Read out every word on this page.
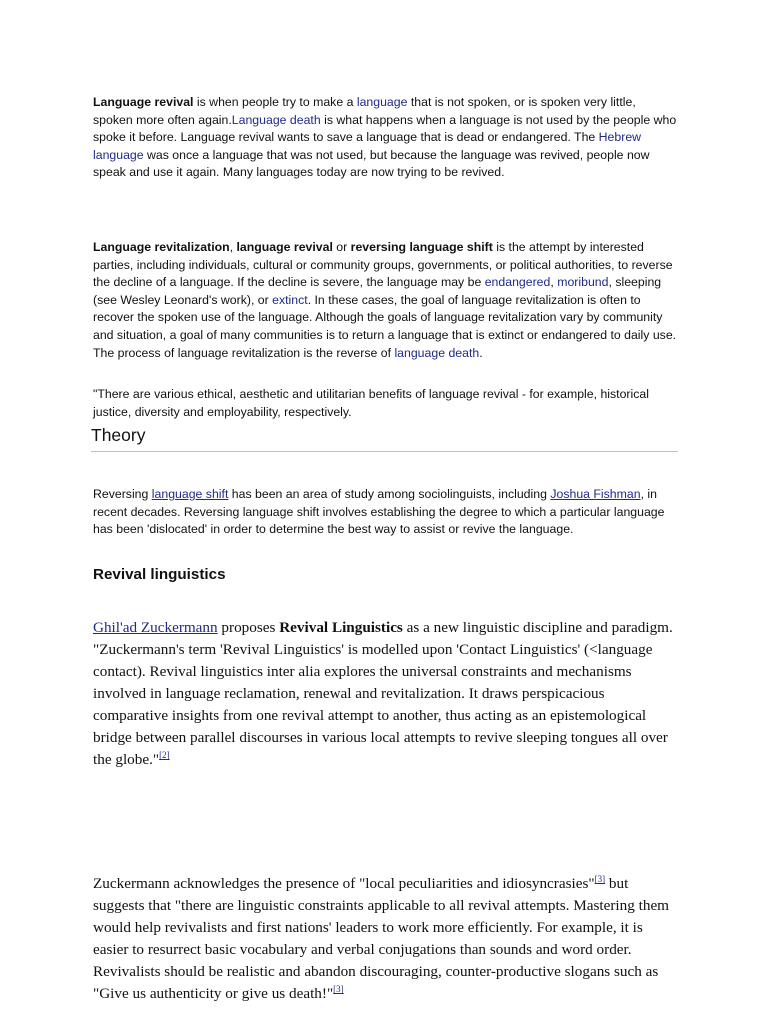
Language revival is when people try to make a language that is not spoken, or is spoken very little, spoken more often again.Language death is what happens when a language is not used by the people who spoke it before. Language revival wants to save a language that is dead or endangered. The Hebrew language was once a language that was not used, but because the language was revived, people now speak and use it again. Many languages today are now trying to be revived.

Language revitalization, language revival or reversing language shift is the attempt by interested parties, including individuals, cultural or community groups, governments, or political authorities, to reverse the decline of a language. If the decline is severe, the language may be endangered, moribund, sleeping (see Wesley Leonard's work), or extinct. In these cases, the goal of language revitalization is often to recover the spoken use of the language. Although the goals of language revitalization vary by community and situation, a goal of many communities is to return a language that is extinct or endangered to daily use. The process of language revitalization is the reverse of language death.

"There are various ethical, aesthetic and utilitarian benefits of language revival - for example, historical justice, diversity and employability, respectively.

Theory

Reversing language shift has been an area of study among sociolinguists, including Joshua Fishman, in recent decades. Reversing language shift involves establishing the degree to which a particular language has been 'dislocated' in order to determine the best way to assist or revive the language.

Revival linguistics

Ghil'ad Zuckermann proposes Revival Linguistics as a new linguistic discipline and paradigm. "Zuckermann's term 'Revival Linguistics' is modelled upon 'Contact Linguistics' (<language contact). Revival linguistics inter alia explores the universal constraints and mechanisms involved in language reclamation, renewal and revitalization. It draws perspicacious comparative insights from one revival attempt to another, thus acting as an epistemological bridge between parallel discourses in various local attempts to revive sleeping tongues all over the globe."[2]

Zuckermann acknowledges the presence of "local peculiarities and idiosyncrasies"[3] but suggests that "there are linguistic constraints applicable to all revival attempts. Mastering them would help revivalists and first nations' leaders to work more efficiently. For example, it is easier to resurrect basic vocabulary and verbal conjugations than sounds and word order. Revivalists should be realistic and abandon discouraging, counter-productive slogans such as "Give us authenticity or give us death!"[3]
